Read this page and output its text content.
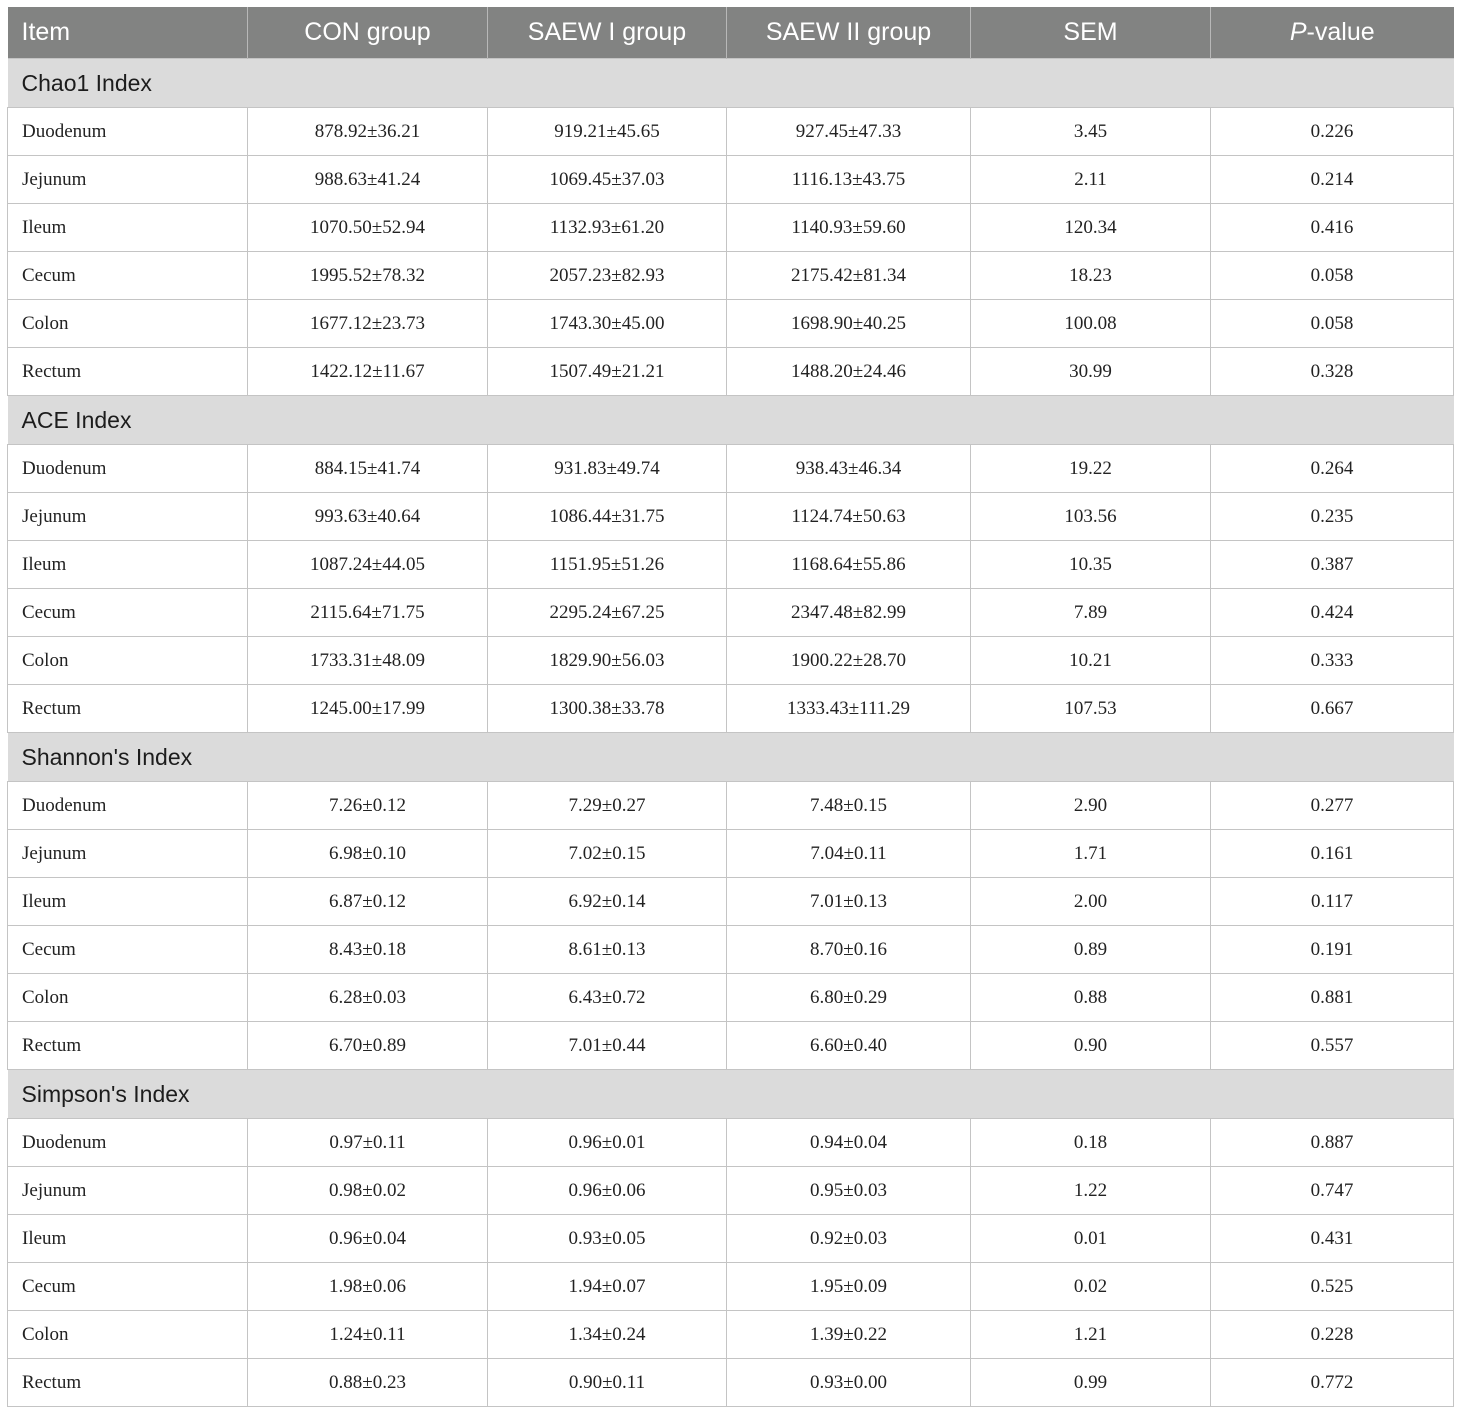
Item	CON group	SAEW I group	SAEW II group	SEM	P-value
Chao1 Index					
Duodenum	878.92±36.21	919.21±45.65	927.45±47.33	3.45	0.226
Jejunum	988.63±41.24	1069.45±37.03	1116.13±43.75	2.11	0.214
Ileum	1070.50±52.94	1132.93±61.20	1140.93±59.60	120.34	0.416
Cecum	1995.52±78.32	2057.23±82.93	2175.42±81.34	18.23	0.058
Colon	1677.12±23.73	1743.30±45.00	1698.90±40.25	100.08	0.058
Rectum	1422.12±11.67	1507.49±21.21	1488.20±24.46	30.99	0.328
ACE Index					
Duodenum	884.15±41.74	931.83±49.74	938.43±46.34	19.22	0.264
Jejunum	993.63±40.64	1086.44±31.75	1124.74±50.63	103.56	0.235
Ileum	1087.24±44.05	1151.95±51.26	1168.64±55.86	10.35	0.387
Cecum	2115.64±71.75	2295.24±67.25	2347.48±82.99	7.89	0.424
Colon	1733.31±48.09	1829.90±56.03	1900.22±28.70	10.21	0.333
Rectum	1245.00±17.99	1300.38±33.78	1333.43±111.29	107.53	0.667
Shannon's Index					
Duodenum	7.26±0.12	7.29±0.27	7.48±0.15	2.90	0.277
Jejunum	6.98±0.10	7.02±0.15	7.04±0.11	1.71	0.161
Ileum	6.87±0.12	6.92±0.14	7.01±0.13	2.00	0.117
Cecum	8.43±0.18	8.61±0.13	8.70±0.16	0.89	0.191
Colon	6.28±0.03	6.43±0.72	6.80±0.29	0.88	0.881
Rectum	6.70±0.89	7.01±0.44	6.60±0.40	0.90	0.557
Simpson's Index					
Duodenum	0.97±0.11	0.96±0.01	0.94±0.04	0.18	0.887
Jejunum	0.98±0.02	0.96±0.06	0.95±0.03	1.22	0.747
Ileum	0.96±0.04	0.93±0.05	0.92±0.03	0.01	0.431
Cecum	1.98±0.06	1.94±0.07	1.95±0.09	0.02	0.525
Colon	1.24±0.11	1.34±0.24	1.39±0.22	1.21	0.228
Rectum	0.88±0.23	0.90±0.11	0.93±0.00	0.99	0.772
